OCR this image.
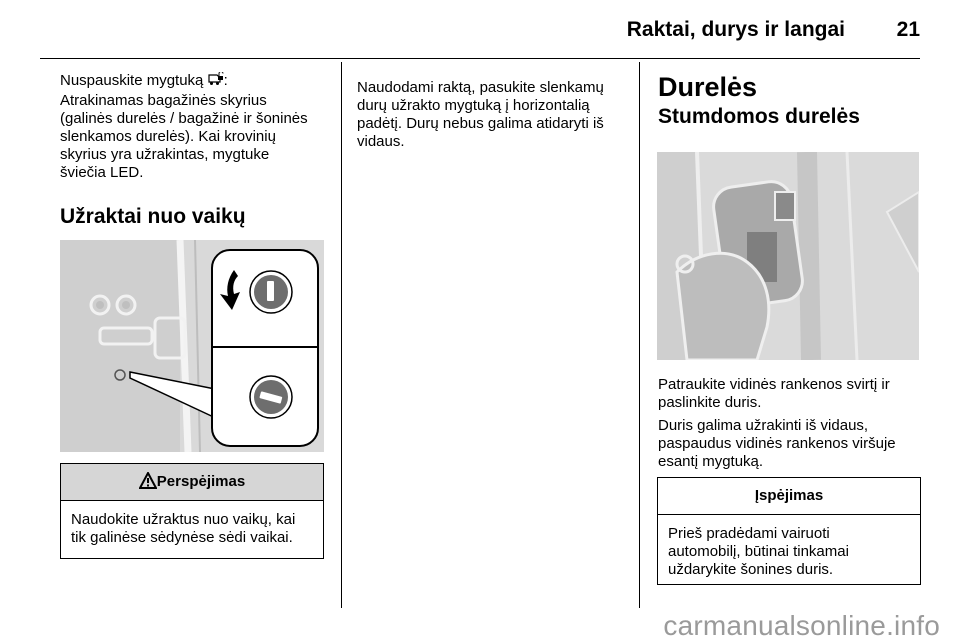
Raktai, durys ir langai	21

Nuspauskite mygtuką :

Atrakinamas bagažinės skyrius

(galinės durelės / bagažinė ir šoninės

slenkamos durelės). Kai krovinių

skyrius yra užrakintas, mygtuke

šviečia LED.

Užraktai nuo vaikų

Perspėjimas
Naudokite užraktus nuo vaikų, kai
tik galinėse sėdynėse sėdi vaikai.

Naudodami raktą, pasukite slenkamų

durų užrakto mygtuką į horizontalią

padėtį. Durų nebus galima atidaryti iš

vidaus.

Durelės

Stumdomos durelės

Patraukite vidinės rankenos svirtį ir

paslinkite duris.

Duris galima užrakinti iš vidaus,

paspaudus vidinės rankenos viršuje

esantį mygtuką.

Įspėjimas
Prieš pradėdami vairuoti
automobilį, būtinai tinkamai
uždarykite šonines duris.
carmanualsonline.info
